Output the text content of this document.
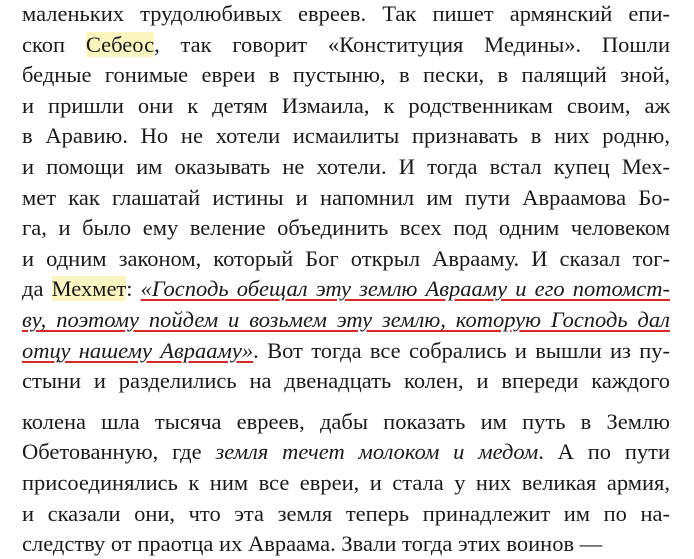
маленьких трудолюбивых евреев. Так пишет армянский епи-
скоп Себеос, так говорит «Конституция Медины». Пошли
бедные гонимые евреи в пустыню, в пески, в палящий зной,
и пришли они к детям Измаила, к родственникам своим, аж
в Аравию. Но не хотели исмаилиты признавать в них родню,
и помощи им оказывать не хотели. И тогда встал купец Мех-
мет как глашатай истины и напомнил им пути Авраамова Бо-
га, и было ему веление объединить всех под одним человеком
и одним законом, который Бог открыл Аврааму. И сказал тог-
да Мехмет: «Господь обещал эту землю Аврааму и его потомст-
ву, поэтому пойдем и возьмем эту землю, которую Господь дал
отцу нашему Аврааму». Вот тогда все собрались и вышли из пу-
стыни и разделились на двенадцать колен, и впереди каждого
колена шла тысяча евреев, дабы показать им путь в Землю
Обетованную, где земля течет молоком и медом. А по пути
присоединялись к ним все евреи, и стала у них великая армия,
и сказали они, что эта земля теперь принадлежит им по на-
следству от праотца их Авраама. Звали тогда этих воинов —
